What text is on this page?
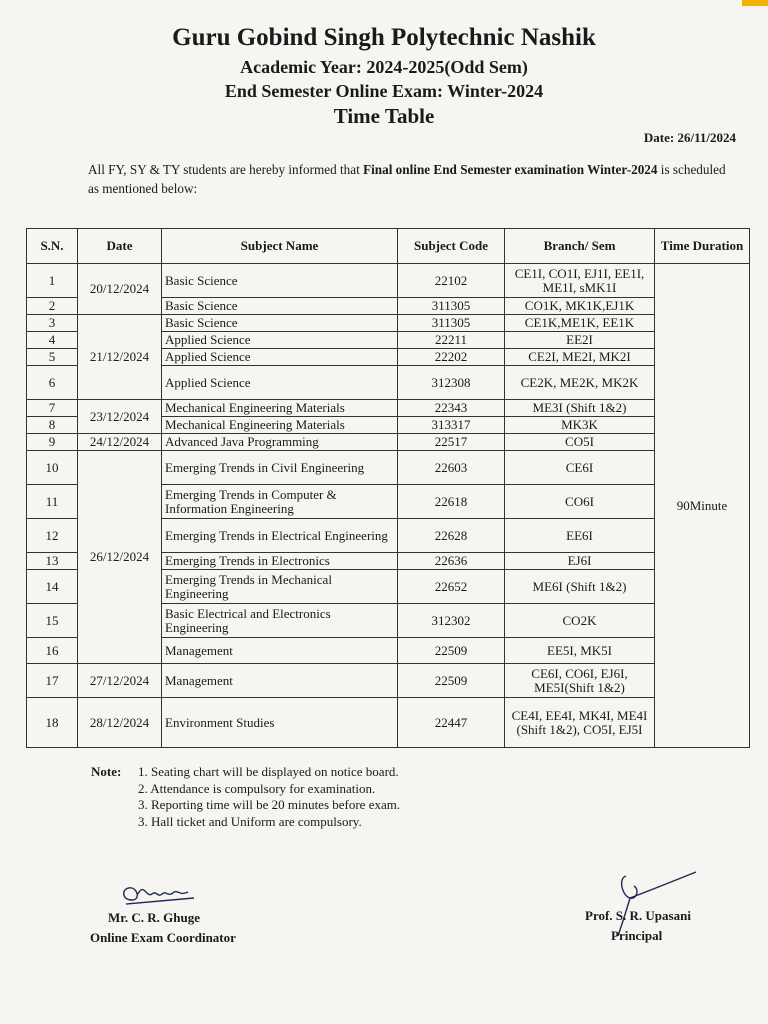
Guru Gobind Singh Polytechnic Nashik
Academic Year: 2024-2025(Odd Sem)
End Semester Online Exam: Winter-2024
Time Table
Date: 26/11/2024
All FY, SY & TY students are hereby informed that Final online End Semester examination Winter-2024 is scheduled as mentioned below:
S.N.	Date	Subject Name	Subject Code	Branch/ Sem	Time Duration
1	20/12/2024	Basic Science	22102	CE1I, CO1I, EJ1I, EE1I, ME1I, sMK1I	90Minute
2		Basic Science	311305	CO1K, MK1K,EJ1K	
3	21/12/2024	Basic Science	311305	CE1K,ME1K, EE1K	
4		Applied Science	22211	EE2I	
5		Applied Science	22202	CE2I, ME2I, MK2I	
6		Applied Science	312308	CE2K, ME2K, MK2K	
7	23/12/2024	Mechanical Engineering Materials	22343	ME3I (Shift 1&2)	
8		Mechanical Engineering Materials	313317	MK3K	
9	24/12/2024	Advanced Java Programming	22517	CO5I	
10	26/12/2024	Emerging Trends in Civil Engineering	22603	CE6I	
11		Emerging Trends in Computer & Information Engineering	22618	CO6I	
12		Emerging Trends in Electrical Engineering	22628	EE6I	
13		Emerging Trends in Electronics	22636	EJ6I	
14		Emerging Trends in Mechanical Engineering	22652	ME6I (Shift 1&2)	
15		Basic Electrical and Electronics Engineering	312302	CO2K	
16		Management	22509	EE5I, MK5I	
17	27/12/2024	Management	22509	CE6I, CO6I, EJ6I, ME5I(Shift 1&2)	
18	28/12/2024	Environment Studies	22447	CE4I, EE4I, MK4I, ME4I (Shift 1&2), CO5I, EJ5I	
Note: 1. Seating chart will be displayed on notice board.
2. Attendance is compulsory for examination.
3. Reporting time will be 20 minutes before exam.
3. Hall ticket and Uniform are compulsory.
Mr. C. R. Ghuge
Online Exam Coordinator
Prof. S. R. Upasani
Principal
